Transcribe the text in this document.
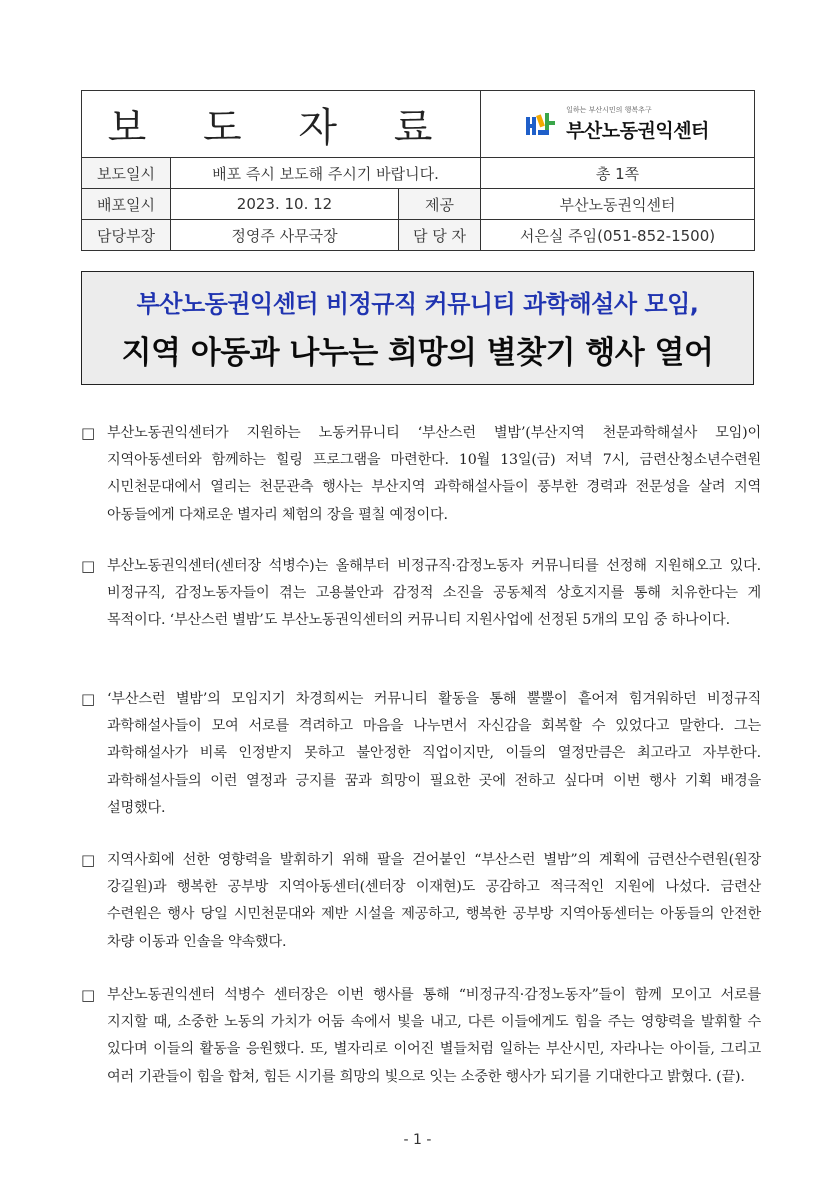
보 도 자 료			일하는 부산시민의 행복추구
부산노동권익센터

보도일시	배포 즉시 보도해 주시기 바랍니다.		총 1쪽
배포일시	2023. 10. 12	제공	부산노동권익센터
담당부장	정영주 사무국장	담 당 자	서은실 주임(051-852-1500)
부산노동권익센터 비정규직 커뮤니티 과학해설사 모임,
지역 아동과 나누는 희망의 별찾기 행사 열어
□ 부산노동권익센터가 지원하는 노동커뮤니티 ‘부산스런 별밤’(부산지역 천문과학해설사 모임)이 지역아동센터와 함께하는 힐링 프로그램을 마련한다. 10월 13일(금) 저녁 7시, 금련산청소년수련원 시민천문대에서 열리는 천문관측 행사는 부산지역 과학해설사들이 풍부한 경력과 전문성을 살려 지역 아동들에게 다채로운 별자리 체험의 장을 펼칠 예정이다.
□ 부산노동권익센터(센터장 석병수)는 올해부터 비정규직·감정노동자 커뮤니티를 선정해 지원해오고 있다. 비정규직, 감정노동자들이 겪는 고용불안과 감정적 소진을 공동체적 상호지지를 통해 치유한다는 게 목적이다. ‘부산스런 별밤’도 부산노동권익센터의 커뮤니티 지원사업에 선정된 5개의 모임 중 하나이다.
□ ‘부산스런 별밤’의 모임지기 차경희씨는 커뮤니티 활동을 통해 뿔뿔이 흩어져 힘겨워하던 비정규직 과학해설사들이 모여 서로를 격려하고 마음을 나누면서 자신감을 회복할 수 있었다고 말한다. 그는 과학해설사가 비록 인정받지 못하고 불안정한 직업이지만, 이들의 열정만큼은 최고라고 자부한다. 과학해설사들의 이런 열정과 긍지를 꿈과 희망이 필요한 곳에 전하고 싶다며 이번 행사 기획 배경을 설명했다.
□ 지역사회에 선한 영향력을 발휘하기 위해 팔을 걷어붙인 “부산스런 별밤”의 계획에 금련산수련원(원장 강길원)과 행복한 공부방 지역아동센터(센터장 이재현)도 공감하고 적극적인 지원에 나섰다. 금련산 수련원은 행사 당일 시민천문대와 제반 시설을 제공하고, 행복한 공부방 지역아동센터는 아동들의 안전한 차량 이동과 인솔을 약속했다.
□ 부산노동권익센터 석병수 센터장은 이번 행사를 통해 “비정규직·감정노동자”들이 함께 모이고 서로를 지지할 때, 소중한 노동의 가치가 어둠 속에서 빛을 내고, 다른 이들에게도 힘을 주는 영향력을 발휘할 수 있다며 이들의 활동을 응원했다. 또, 별자리로 이어진 별들처럼 일하는 부산시민, 자라나는 아이들, 그리고 여러 기관들이 힘을 합쳐, 힘든 시기를 희망의 빛으로 잇는 소중한 행사가 되기를 기대한다고 밝혔다. (끝).
- 1 -
